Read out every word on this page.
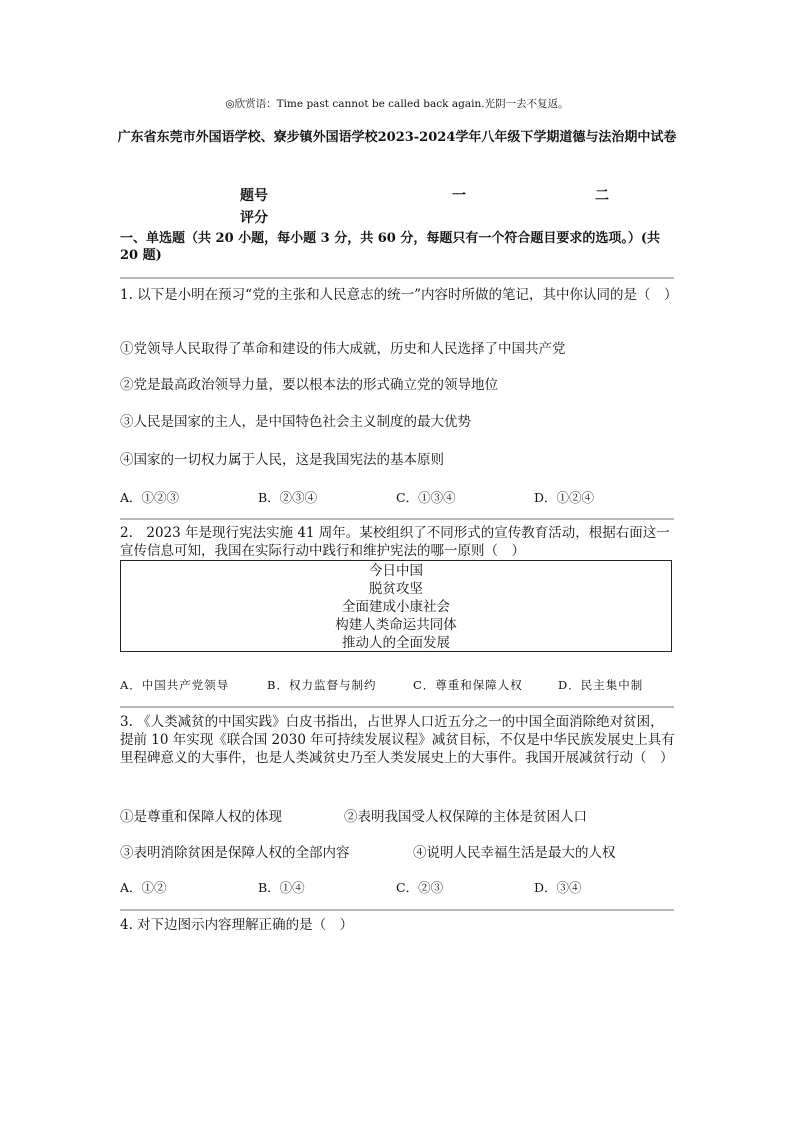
◎欣赏语：Time past cannot be called back again.光阴一去不复返。
广东省东莞市外国语学校、寮步镇外国语学校2023-2024学年八年级下学期道德与法治期中试卷
题号	一	二
评分
一、单选题（共 20 小题，每小题 3 分，共 60 分，每题只有一个符合题目要求的选项。）(共 20 题)
1. 以下是小明在预习“党的主张和人民意志的统一”内容时所做的笔记，其中你认同的是（　）
①党领导人民取得了革命和建设的伟大成就，历史和人民选择了中国共产党
②党是最高政治领导力量，要以根本法的形式确立党的领导地位
③人民是国家的主人，是中国特色社会主义制度的最大优势
④国家的一切权力属于人民，这是我国宪法的基本原则
A．①②③	B．②③④	C．①③④	D．①②④
2.　2023 年是现行宪法实施 41 周年。某校组织了不同形式的宣传教育活动，根据右面这一宣传信息可知，我国在实际行动中践行和维护宪法的哪一原则（　）
今日中国
脱贫攻坚
全面建成小康社会
构建人类命运共同体
推动人的全面发展
A．中国共产党领导	B．权力监督与制约	C．尊重和保障人权	D．民主集中制
3. 《人类减贫的中国实践》白皮书指出，占世界人口近五分之一的中国全面消除绝对贫困，提前 10 年实现《联合国 2030 年可持续发展议程》减贫目标，不仅是中华民族发展史上具有里程碑意义的大事件，也是人类减贫史乃至人类发展史上的大事件。我国开展减贫行动（　）
①是尊重和保障人权的体现	②表明我国受人权保障的主体是贫困人口
③表明消除贫困是保障人权的全部内容	④说明人民幸福生活是最大的人权
A．①②	B．①④	C．②③	D．③④
4. 对下边图示内容理解正确的是（　）
